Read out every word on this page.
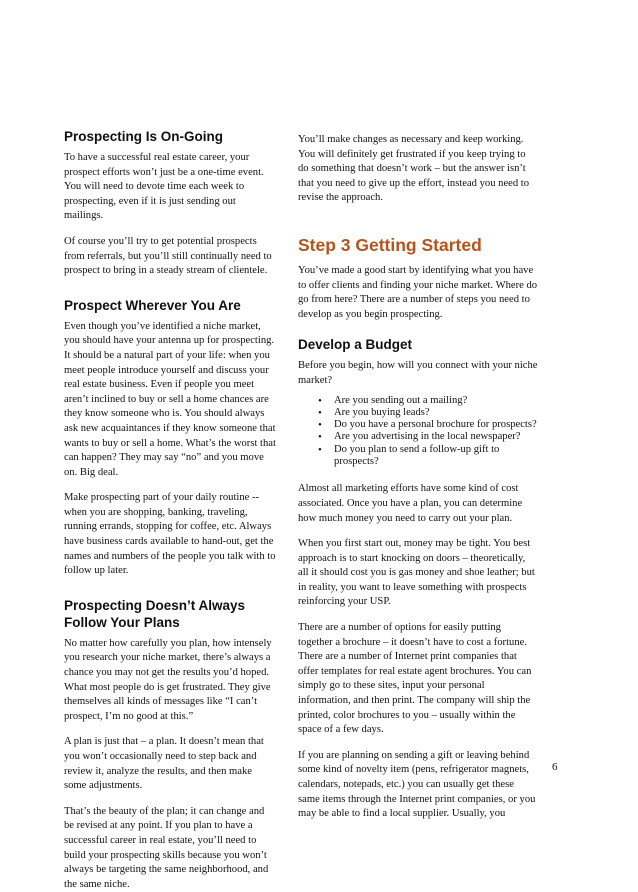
Prospecting Is On-Going

To have a successful real estate career, your prospect efforts won’t just be a one-time event. You will need to devote time each week to prospecting, even if it is just sending out mailings.

Of course you’ll try to get potential prospects from referrals, but you’ll still continually need to prospect to bring in a steady stream of clientele.

Prospect Wherever You Are

Even though you’ve identified a niche market, you should have your antenna up for prospecting. It should be a natural part of your life: when you meet people introduce yourself and discuss your real estate business. Even if people you meet aren’t inclined to buy or sell a home chances are they know someone who is. You should always ask new acquaintances if they know someone that wants to buy or sell a home. What’s the worst that can happen? They may say “no” and you move on. Big deal.

Make prospecting part of your daily routine -- when you are shopping, banking, traveling, running errands, stopping for coffee, etc. Always have business cards available to hand-out, get the names and numbers of the people you talk with to follow up later.

Prospecting Doesn’t Always Follow Your Plans

No matter how carefully you plan, how intensely you research your niche market, there’s always a chance you may not get the results you’d hoped. What most people do is get frustrated. They give themselves all kinds of messages like “I can’t prospect, I’m no good at this.”

A plan is just that – a plan. It doesn’t mean that you won’t occasionally need to step back and review it, analyze the results, and then make some adjustments.

That’s the beauty of the plan; it can change and be revised at any point. If you plan to have a successful career in real estate, you’ll need to build your prospecting skills because you won’t always be targeting the same neighborhood, and the same niche.

You’ll make changes as necessary and keep working. You will definitely get frustrated if you keep trying to do something that doesn’t work – but the answer isn’t that you need to give up the effort, instead you need to revise the approach.

Step 3 Getting Started

You’ve made a good start by identifying what you have to offer clients and finding your niche market. Where do go from here? There are a number of steps you need to develop as you begin prospecting.

Develop a Budget

Before you begin, how will you connect with your niche market?

• Are you sending out a mailing?
• Are you buying leads?
• Do you have a personal brochure for prospects?
• Are you advertising in the local newspaper?
• Do you plan to send a follow-up gift to prospects?

Almost all marketing efforts have some kind of cost associated. Once you have a plan, you can determine how much money you need to carry out your plan.

When you first start out, money may be tight. You best approach is to start knocking on doors – theoretically, all it should cost you is gas money and shoe leather; but in reality, you want to leave something with prospects reinforcing your USP.

There are a number of options for easily putting together a brochure – it doesn’t have to cost a fortune. There are a number of Internet print companies that offer templates for real estate agent brochures. You can simply go to these sites, input your personal information, and then print. The company will ship the printed, color brochures to you – usually within the space of a few days.

If you are planning on sending a gift or leaving behind some kind of novelty item (pens, refrigerator magnets, calendars, notepads, etc.) you can usually get these same items through the Internet print companies, or you may be able to find a local supplier. Usually, you

6
